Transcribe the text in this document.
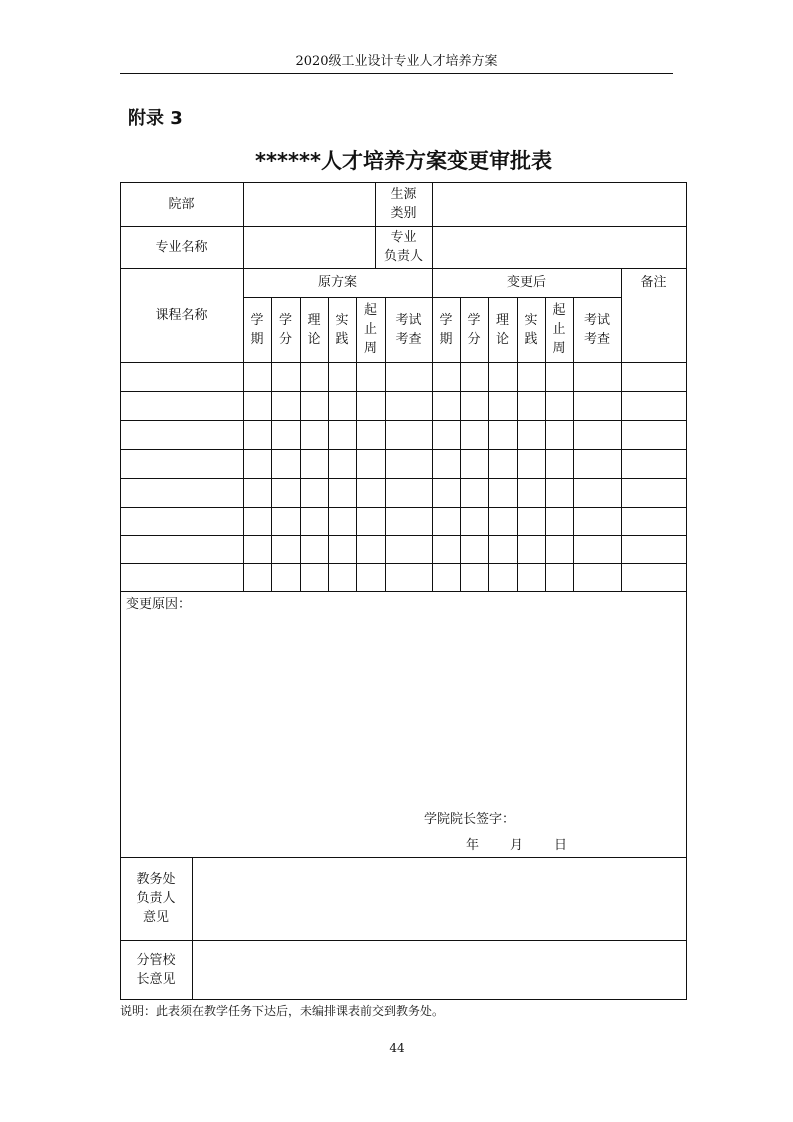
2020级工业设计专业人才培养方案
附录 3
******人才培养方案变更审批表
院部
生源
类别
专业名称
专业
负责人
课程名称
原方案	变更后	备注
学
期
学
分
理
论
实
践
起
止
周
考试
考查
学
期
学
分
理
论
实
践
起
止
周
考试
考查
变更原因：
学院院长签字：
年 月 日
教务处
负责人
意见
分管校
长意见
说明：此表须在教学任务下达后，未编排课表前交到教务处。
44
